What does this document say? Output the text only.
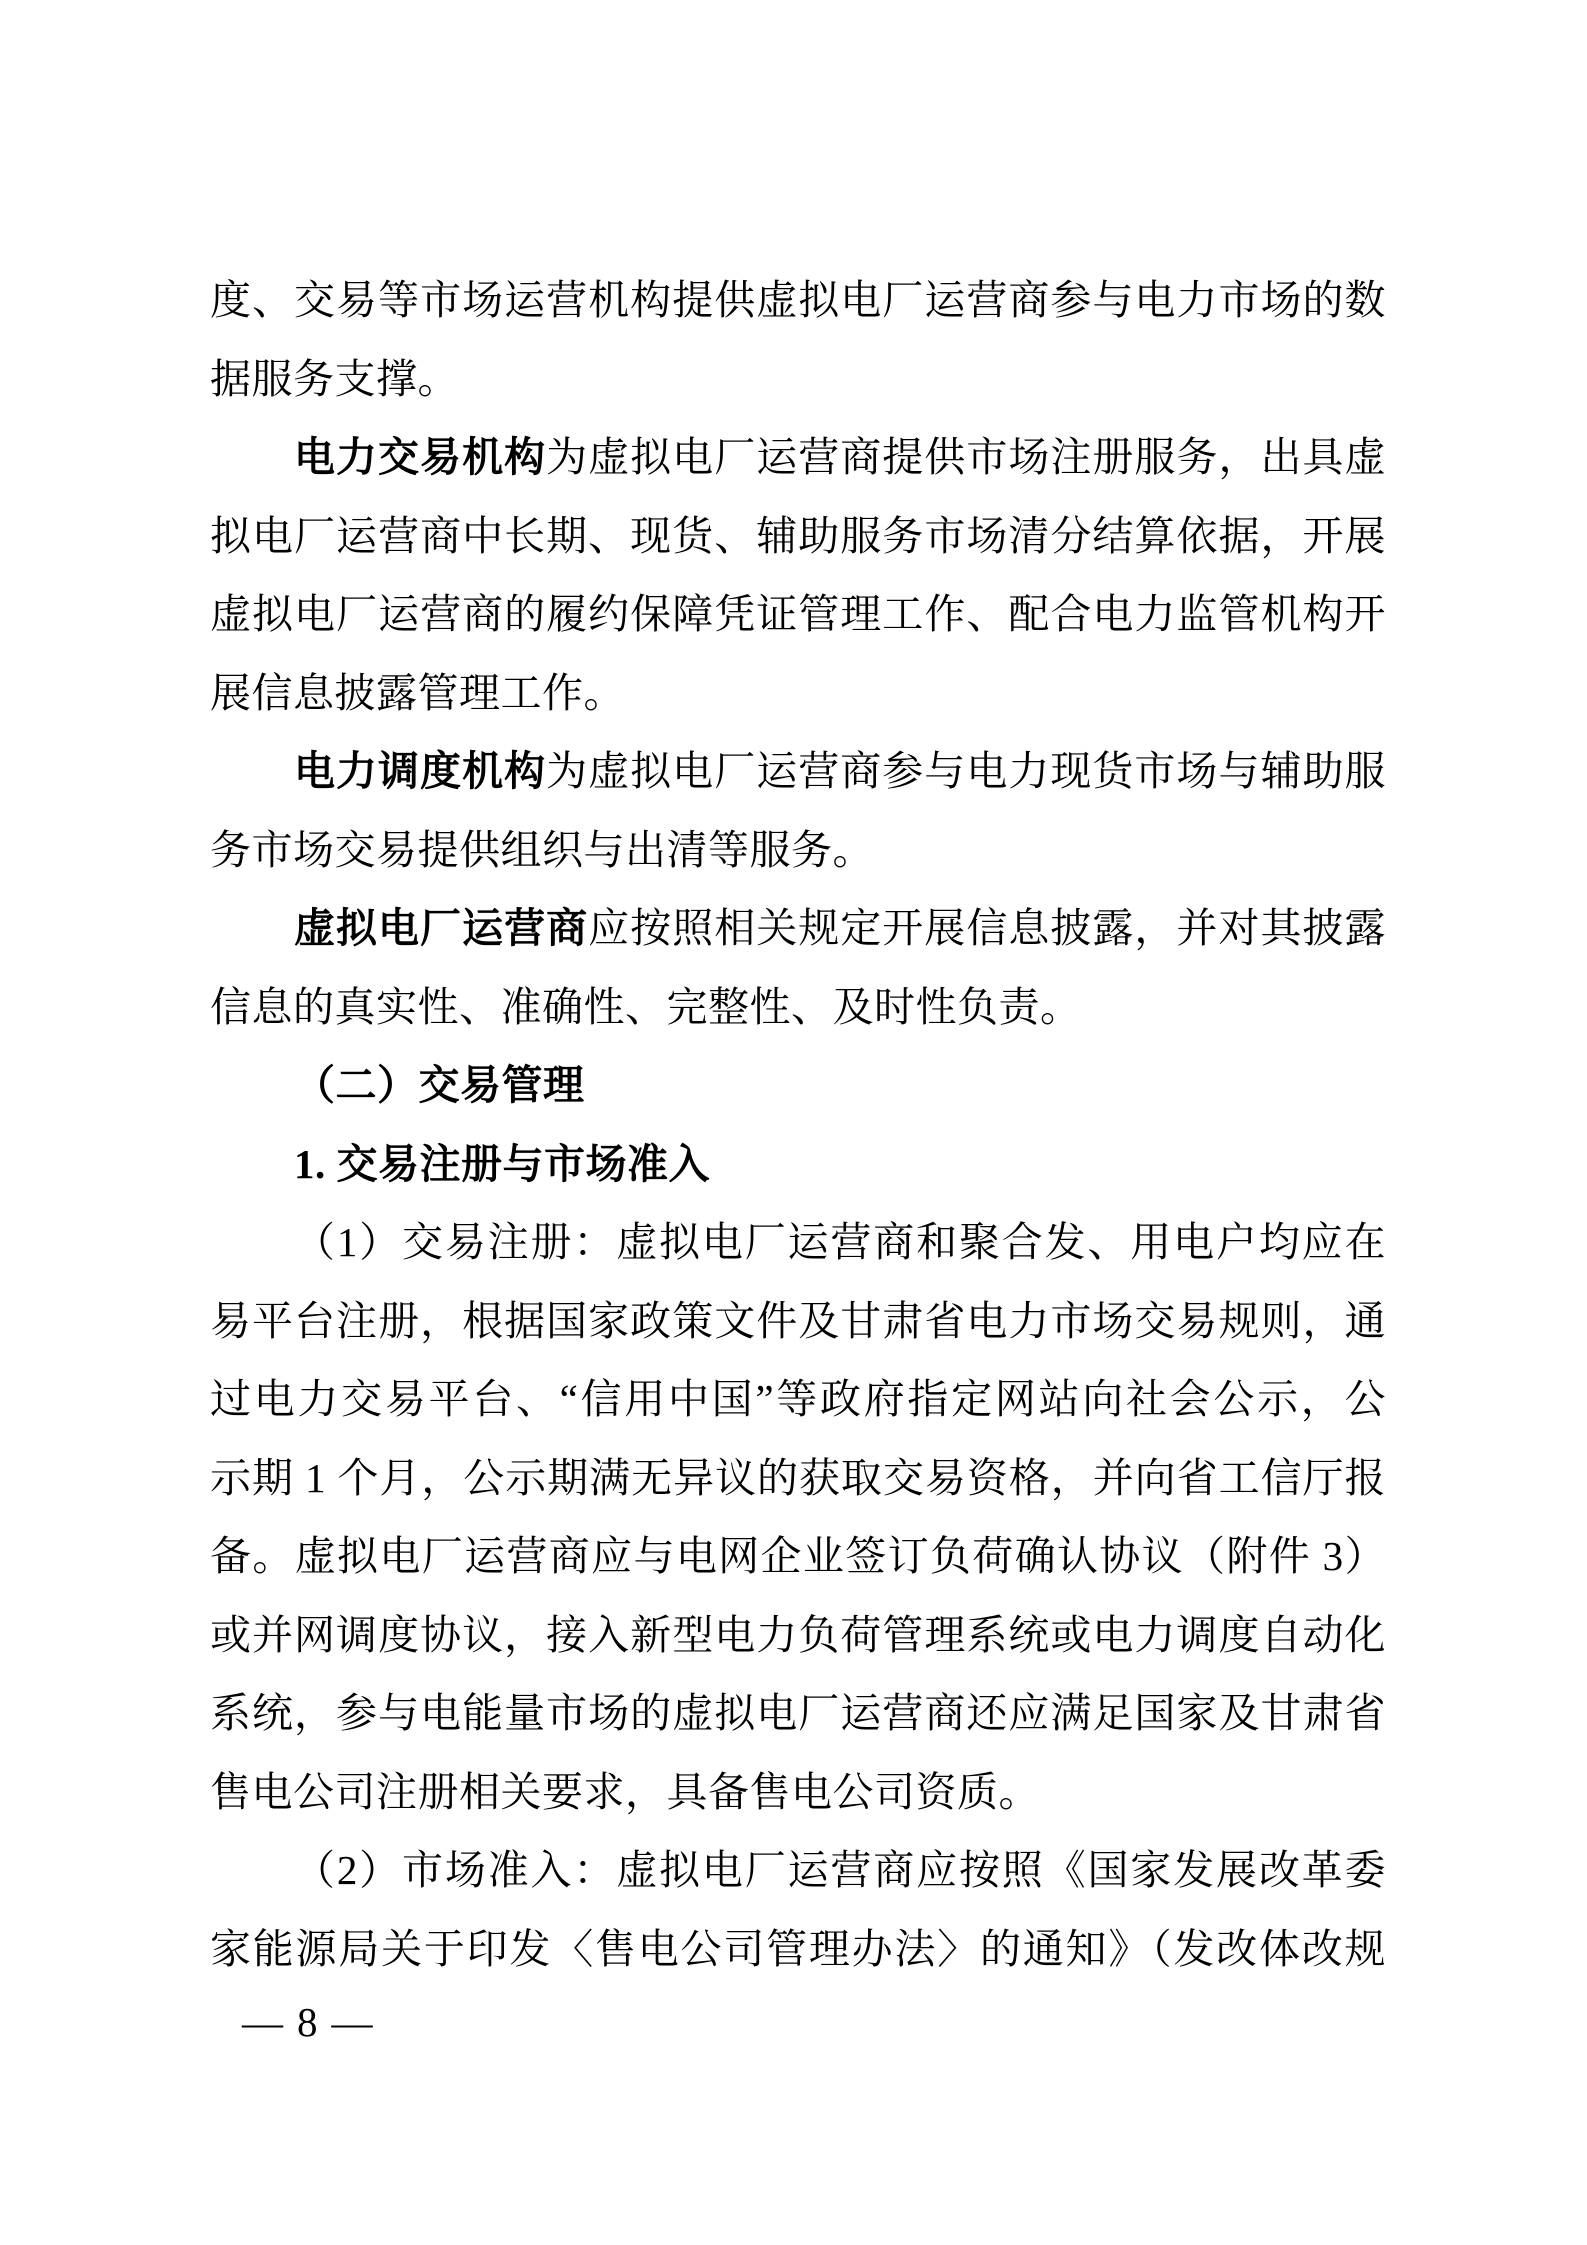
度、交易等市场运营机构提供虚拟电厂运营商参与电力市场的数
据服务支撑。
电力交易机构为虚拟电厂运营商提供市场注册服务，出具虚
拟电厂运营商中长期、现货、辅助服务市场清分结算依据，开展
虚拟电厂运营商的履约保障凭证管理工作、配合电力监管机构开
展信息披露管理工作。
电力调度机构为虚拟电厂运营商参与电力现货市场与辅助服
务市场交易提供组织与出清等服务。
虚拟电厂运营商应按照相关规定开展信息披露，并对其披露
信息的真实性、准确性、完整性、及时性负责。
（二）交易管理
1. 交易注册与市场准入
（1）交易注册：虚拟电厂运营商和聚合发、用电户均应在
易平台注册，根据国家政策文件及甘肃省电力市场交易规则，通
过电力交易平台、“信用中国”等政府指定网站向社会公示，公
示期 1 个月，公示期满无异议的获取交易资格，并向省工信厅报
备。虚拟电厂运营商应与电网企业签订负荷确认协议（附件 3）
或并网调度协议，接入新型电力负荷管理系统或电力调度自动化
系统，参与电能量市场的虚拟电厂运营商还应满足国家及甘肃省
售电公司注册相关要求，具备售电公司资质。
（2）市场准入：虚拟电厂运营商应按照《国家发展改革委
家能源局关于印发〈售电公司管理办法〉的通知》（发改体改规
— 8 —
